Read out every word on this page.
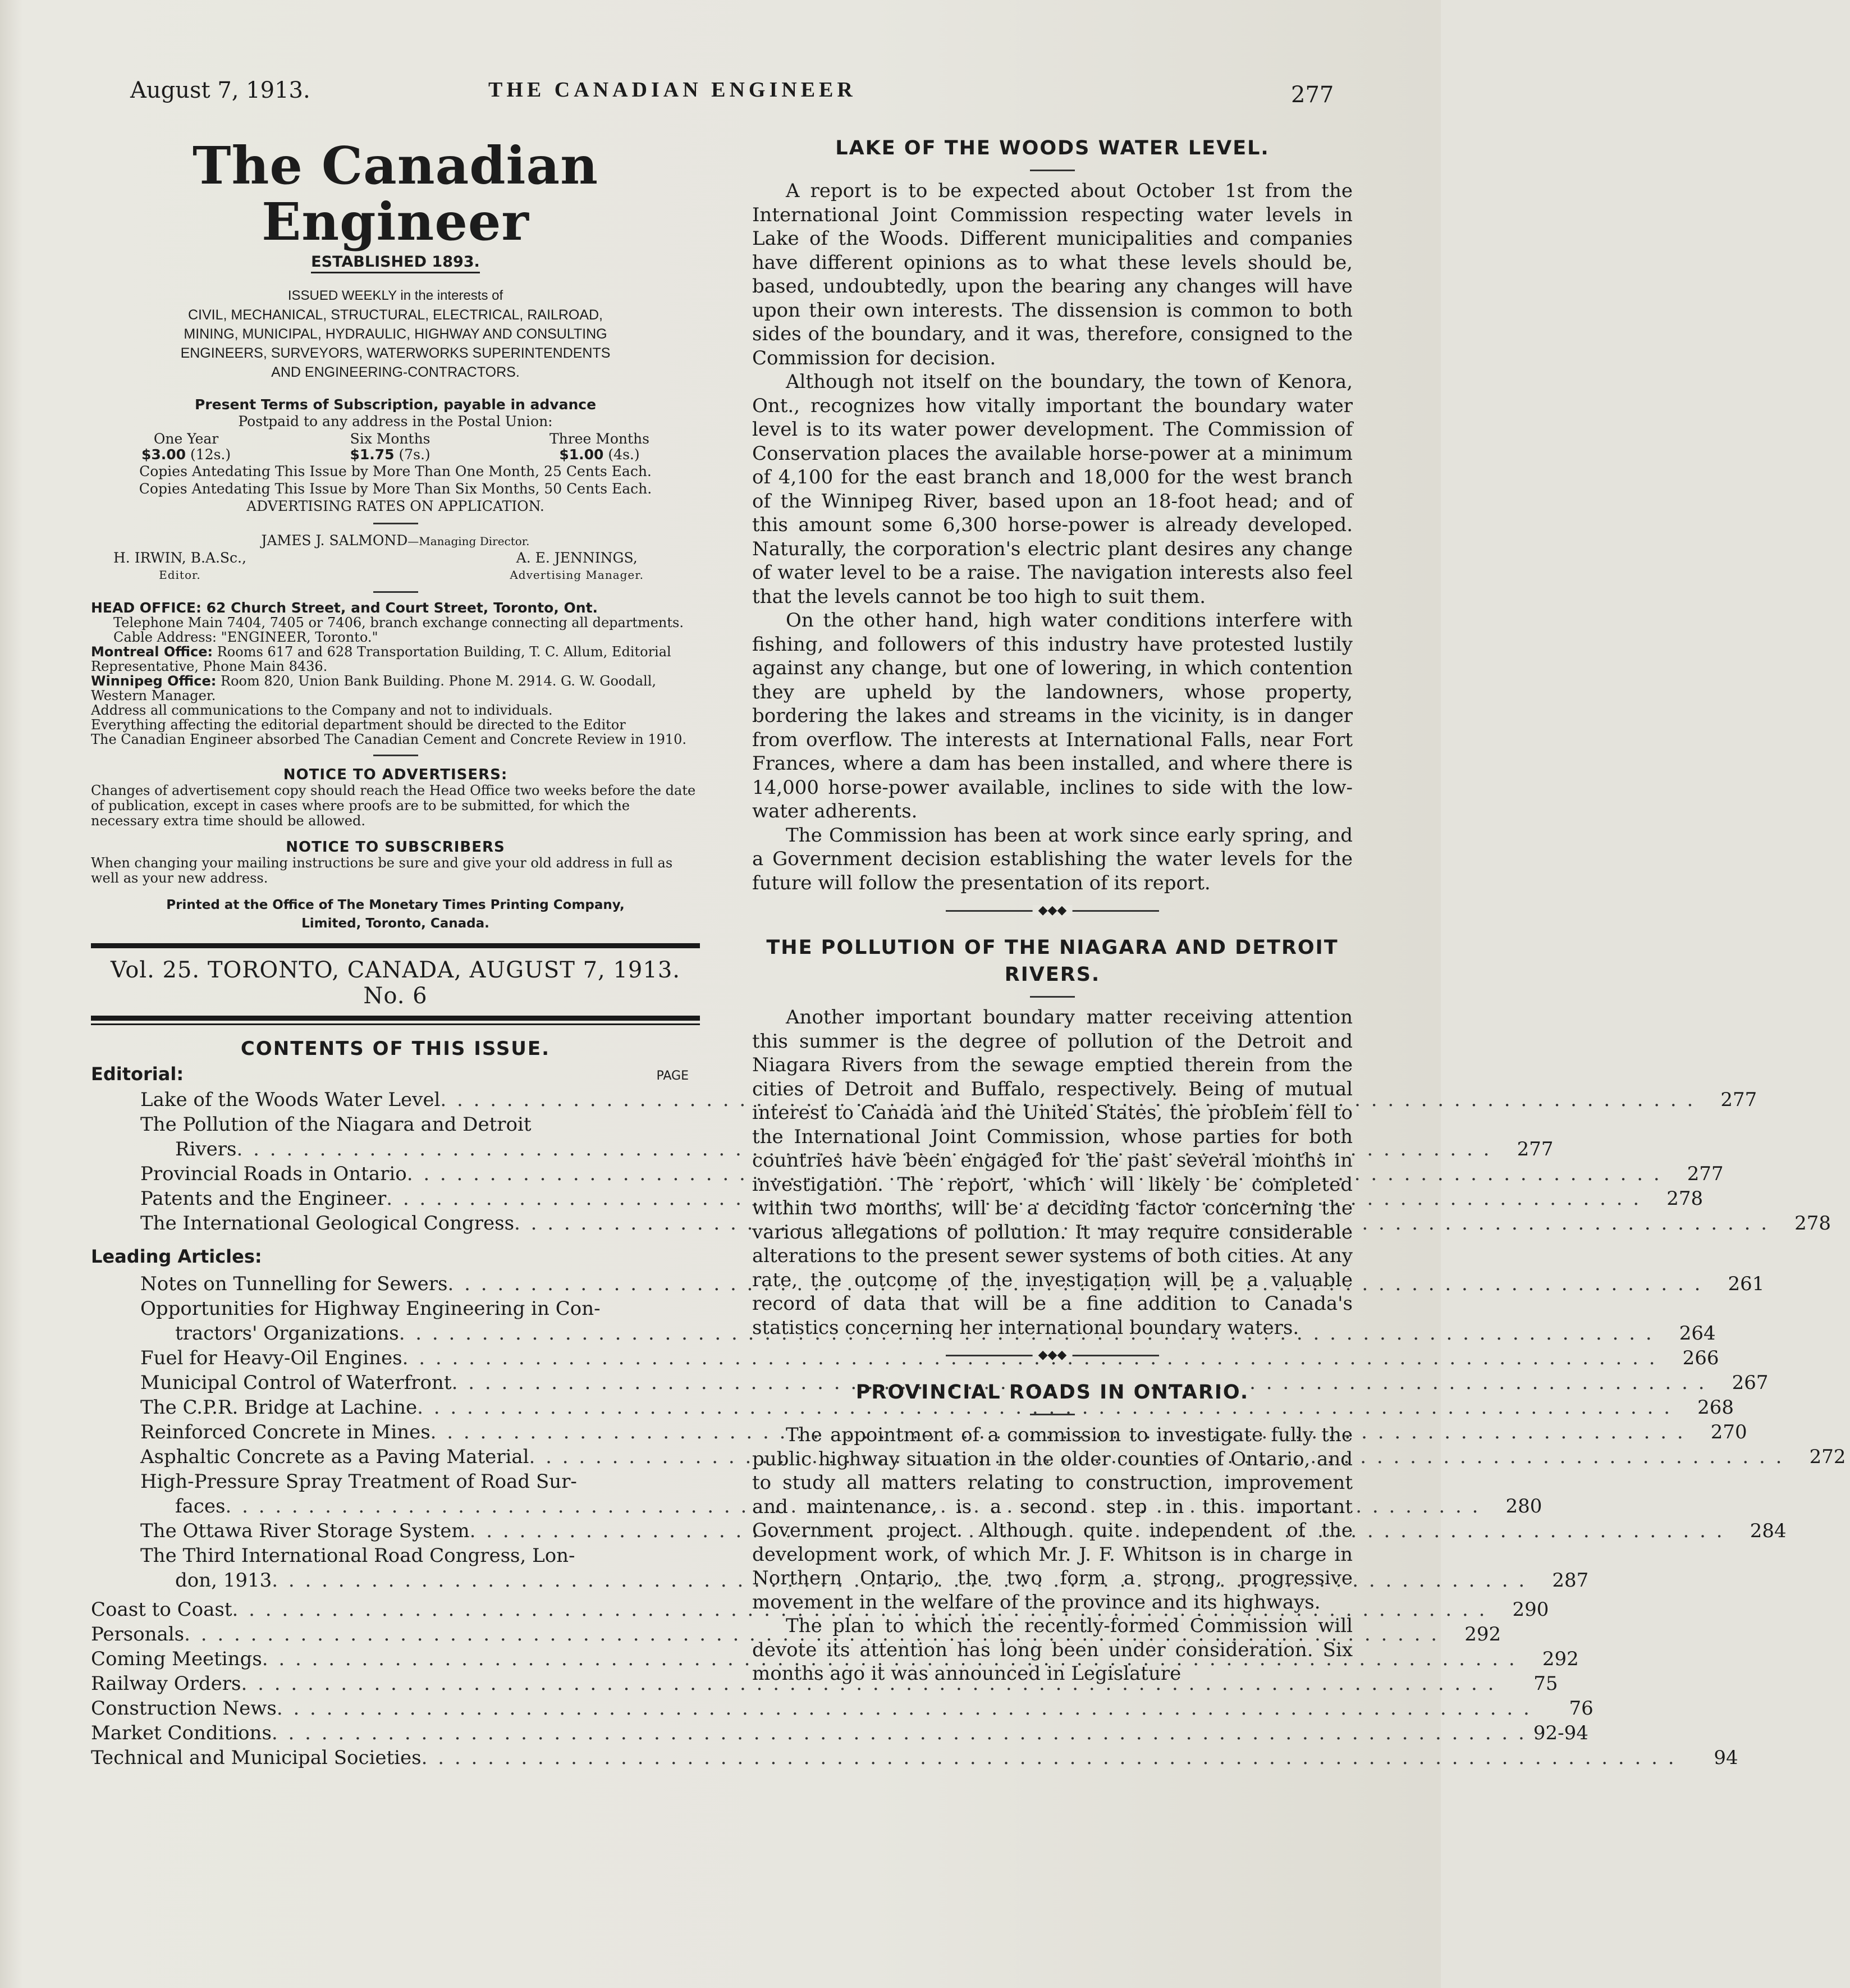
August 7, 1913.	THE CANADIAN ENGINEER	277
The Canadian Engineer
ESTABLISHED 1893.
ISSUED WEEKLY in the interests of
CIVIL, MECHANICAL, STRUCTURAL, ELECTRICAL, RAILROAD,
MINING, MUNICIPAL, HYDRAULIC, HIGHWAY AND CONSULTING
ENGINEERS, SURVEYORS, WATERWORKS SUPERINTENDENTS
AND ENGINEERING-CONTRACTORS.
Present Terms of Subscription, payable in advance
Postpaid to any address in the Postal Union:
One Year
$3.00 (12s.)
Six Months
$1.75 (7s.)
Three Months
$1.00 (4s.)
Copies Antedating This Issue by More Than One Month, 25 Cents Each.
Copies Antedating This Issue by More Than Six Months, 50 Cents Each.
ADVERTISING RATES ON APPLICATION.
JAMES J. SALMOND—Managing Director.
H. IRWIN, B.A.Sc.,
Editor.
A. E. JENNINGS,
Advertising Manager.

HEAD OFFICE: 62 Church Street, and Court Street, Toronto, Ont.

Telephone Main 7404, 7405 or 7406, branch exchange connecting all departments. Cable Address: "ENGINEER, Toronto."

Montreal Office: Rooms 617 and 628 Transportation Building, T. C. Allum, Editorial Representative, Phone Main 8436.

Winnipeg Office: Room 820, Union Bank Building. Phone M. 2914. G. W. Goodall, Western Manager.

Address all communications to the Company and not to individuals.

Everything affecting the editorial department should be directed to the Editor

The Canadian Engineer absorbed The Canadian Cement and Concrete Review in 1910.

NOTICE TO ADVERTISERS:
Changes of advertisement copy should reach the Head Office two weeks before the date of publication, except in cases where proofs are to be submitted, for which the necessary extra time should be allowed.
NOTICE TO SUBSCRIBERS
When changing your mailing instructions be sure and give your old address in full as well as your new address.
Printed at the Office of The Monetary Times Printing Company,
Limited, Toronto, Canada.
Vol. 25. TORONTO, CANADA, AUGUST 7, 1913. No. 6
CONTENTS OF THIS ISSUE.
Editorial:	PAGE
Lake of the Woods Water Level . . .	277
The Pollution of the Niagara and Detroit
Rivers . . .	277
Provincial Roads in Ontario . . .	277
Patents and the Engineer . . .	278
The International Geological Congress . . .	278
Leading Articles:
Notes on Tunnelling for Sewers . . .	261
Opportunities for Highway Engineering in Con-
tractors' Organizations . . .	264
Fuel for Heavy-Oil Engines . . .	266
Municipal Control of Waterfront . . .	267
The C.P.R. Bridge at Lachine . . .	268
Reinforced Concrete in Mines . . .	270
Asphaltic Concrete as a Paving Material . . .	272
High-Pressure Spray Treatment of Road Sur-
faces . . .	280
The Ottawa River Storage System . . .	284
The Third International Road Congress, Lon-
don, 1913 . . .	287
Coast to Coast . . .	290
Personals . . .	292
Coming Meetings . . .	292
Railway Orders . . .	75
Construction News . . .	76
Market Conditions . . .	92-94
Technical and Municipal Societies . . .	94
LAKE OF THE WOODS WATER LEVEL.

A report is to be expected about October 1st from the International Joint Commission respecting water levels in Lake of the Woods. Different municipalities and companies have different opinions as to what these levels should be, based, undoubtedly, upon the bearing any changes will have upon their own interests. The dissension is common to both sides of the boundary, and it was, therefore, consigned to the Commission for decision.

Although not itself on the boundary, the town of Kenora, Ont., recognizes how vitally important the boundary water level is to its water power development. The Commission of Conservation places the available horse-power at a minimum of 4,100 for the east branch and 18,000 for the west branch of the Winnipeg River, based upon an 18-foot head; and of this amount some 6,300 horse-power is already developed. Naturally, the corporation's electric plant desires any change of water level to be a raise. The navigation interests also feel that the levels cannot be too high to suit them.

On the other hand, high water conditions interfere with fishing, and followers of this industry have protested lustily against any change, but one of lowering, in which contention they are upheld by the landowners, whose property, bordering the lakes and streams in the vicinity, is in danger from overflow. The interests at International Falls, near Fort Frances, where a dam has been installed, and where there is 14,000 horse-power available, inclines to side with the low-water adherents.

The Commission has been at work since early spring, and a Government decision establishing the water levels for the future will follow the presentation of its report.

◆◆◆
THE POLLUTION OF THE NIAGARA AND DETROIT RIVERS.

Another important boundary matter receiving attention this summer is the degree of pollution of the Detroit and Niagara Rivers from the sewage emptied therein from the cities of Detroit and Buffalo, respectively. Being of mutual interest to Canada and the United States, the problem fell to the International Joint Commission, whose parties for both countries have been engaged for the past several months in investigation. The report, which will likely be completed within two months, will be a deciding factor concerning the various allegations of pollution. It may require considerable alterations to the present sewer systems of both cities. At any rate, the outcome of the investigation will be a valuable record of data that will be a fine addition to Canada's statistics concerning her international boundary waters.

◆◆◆
PROVINCIAL ROADS IN ONTARIO.

The appointment of a commission to investigate fully the public highway situation in the older counties of Ontario, and to study all matters relating to construction, improvement and maintenance, is a second step in this important Government project. Although quite independent of the development work, of which Mr. J. F. Whitson is in charge in Northern Ontario, the two form a strong, progressive movement in the welfare of the province and its highways.

The plan to which the recently-formed Commission will devote its attention has long been under consideration. Six months ago it was announced in Legislature
